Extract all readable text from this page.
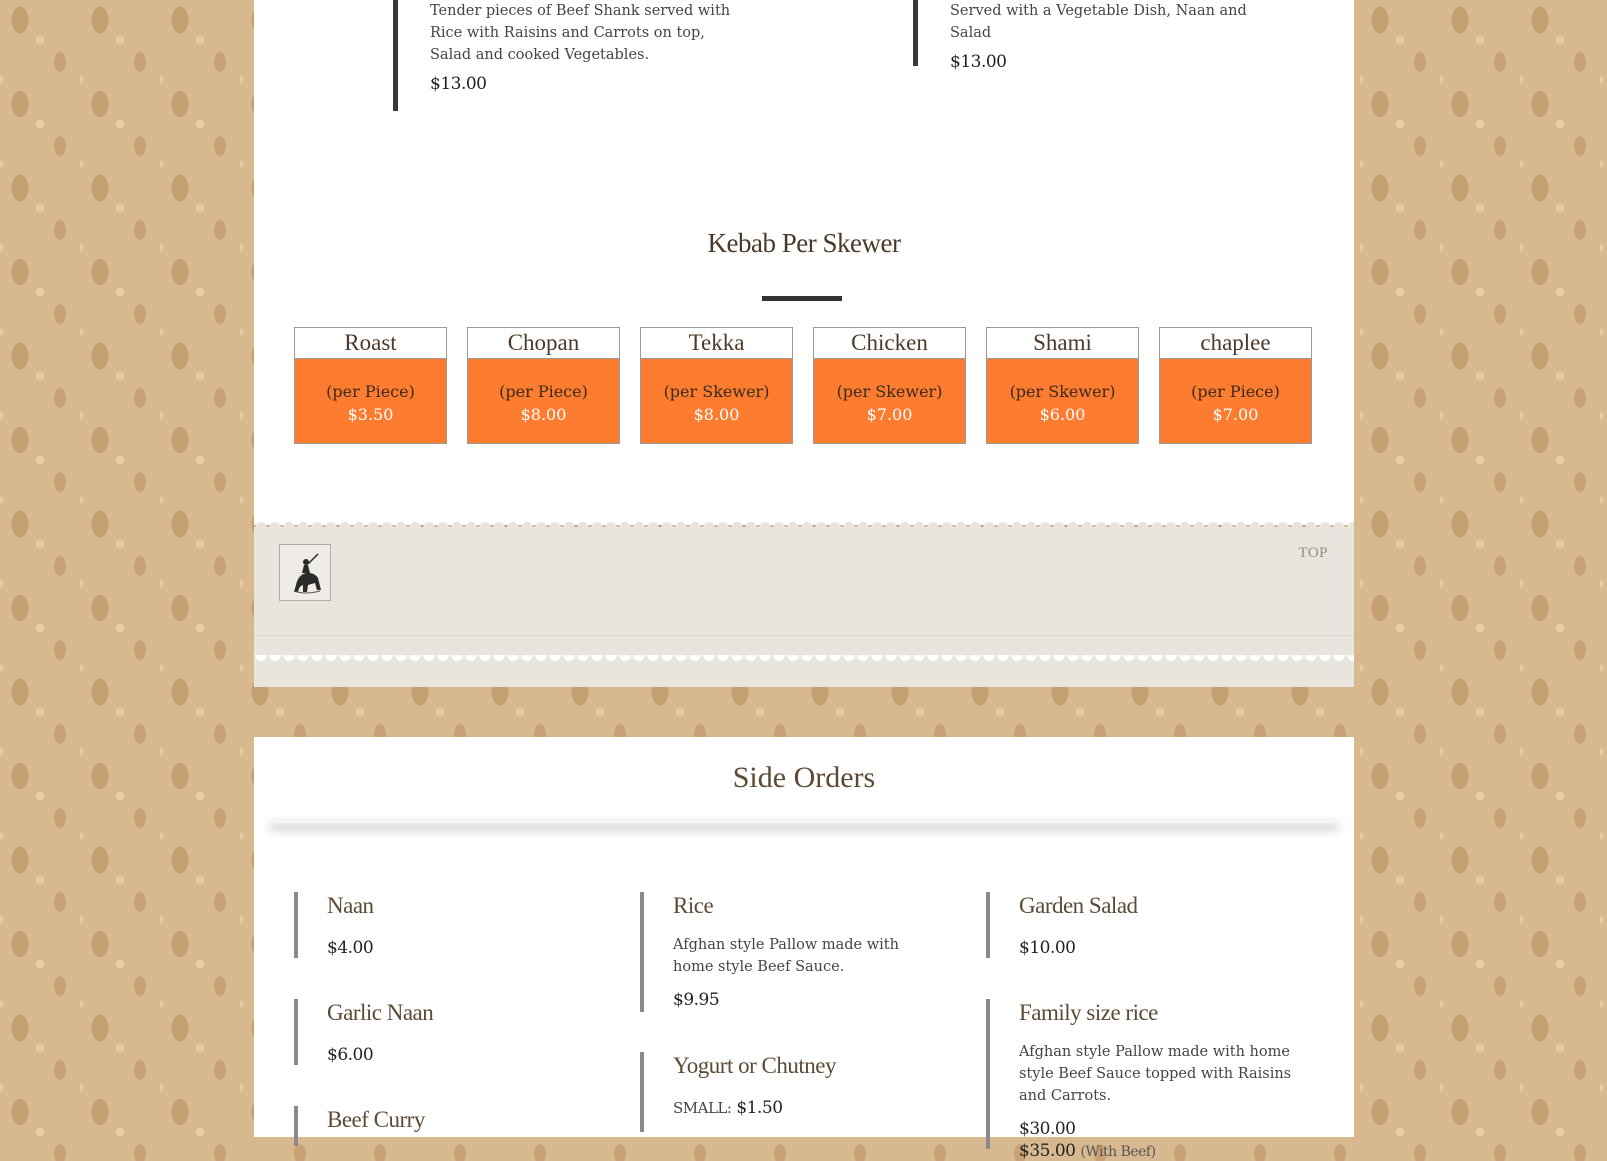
Tender pieces of Beef Shank served with Rice with Raisins and Carrots on top, Salad and cooked Vegetables.
$13.00
Served with a Vegetable Dish, Naan and Salad
$13.00
Kebab Per Skewer
Roast
(per Piece)
$3.50
Chopan
(per Piece)
$8.00
Tekka
(per Skewer)
$8.00
Chicken
(per Skewer)
$7.00
Shami
(per Skewer)
$6.00
chaplee
(per Piece)
$7.00
TOP
Side Orders
Naan
$4.00
Garlic Naan
$6.00
Beef Curry
Rice
Afghan style Pallow made with home style Beef Sauce.
$9.95
Yogurt or Chutney
SMALL: $1.50
Garden Salad
$10.00
Family size rice
Afghan style Pallow made with home style Beef Sauce topped with Raisins and Carrots.
$30.00
$35.00 (With Beef)
